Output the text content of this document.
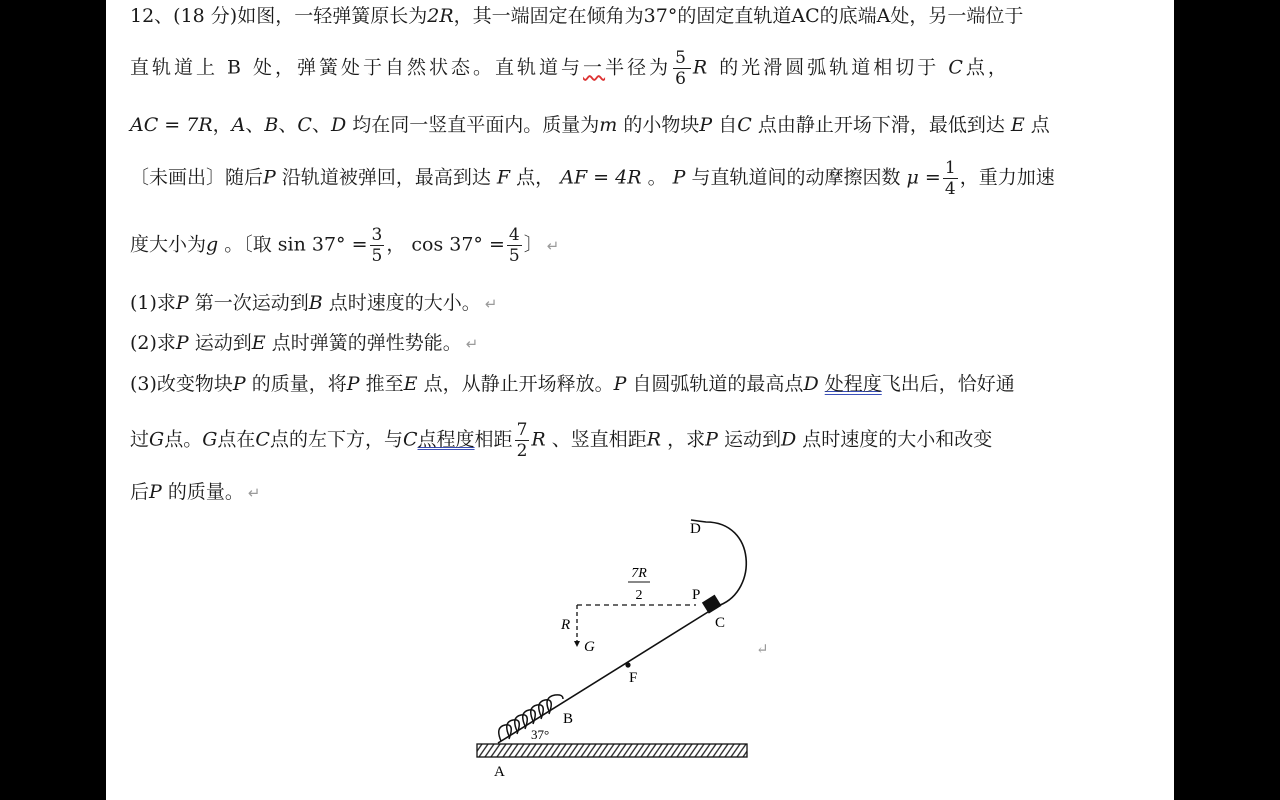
12、(18 分)如图，一轻弹簧原长为2R，其一端固定在倾角为37°的固定直轨道AC的底端A处，另一端位于
直轨道上 B 处，弹簧处于自然状态。直轨道与一半径为 $\frac{5}{6}$ R 的光滑圆弧轨道相切于 C点，
AC = 7R，A、B、C、D 均在同一竖直平面内。质量为m 的小物块P 自C 点由静止开场下滑，最低到达 E 点
〔未画出〕随后P 沿轨道被弹回，最高到达 F 点， AF = 4R 。 P 与直轨道间的动摩擦因数 $\mu = \frac{1}{4}$ ，重力加速
度大小为g 。〔取 $\sin 37^\circ = \frac{3}{5}$ ， $\cos 37^\circ = \frac{4}{5}$ 〕 ↵
(1)求P 第一次运动到B 点时速度的大小。 ↵
(2)求P 运动到E 点时弹簧的弹性势能。 ↵
(3)改变物块P 的质量，将P 推至E 点，从静止开场释放。P 自圆弧轨道的最高点D 处程度飞出后，恰好通
过G点。G点在C点的左下方，与C点程度相距 $\frac{7}{2}$ R 、竖直相距R ，求P 运动到D 点时速度的大小和改变
后P 的质量。 ↵
7R
2
D
P
C
R
G
F
B
37°
A
↵
